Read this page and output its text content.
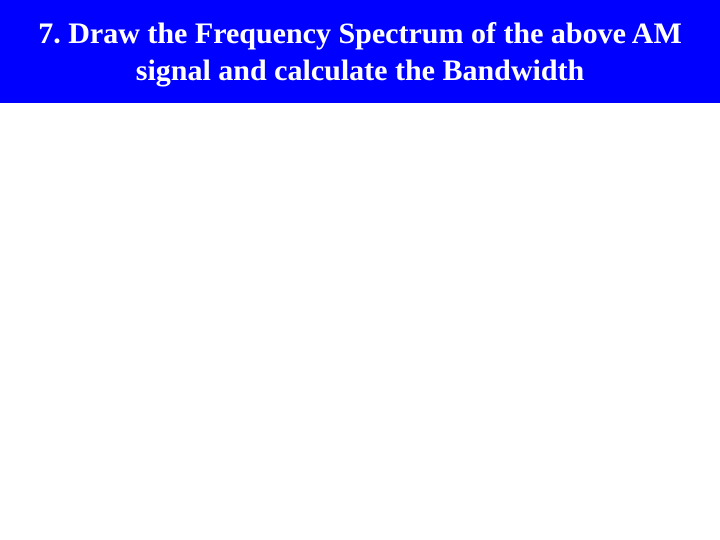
7. Draw the Frequency Spectrum of the above AM
signal and calculate the Bandwidth
